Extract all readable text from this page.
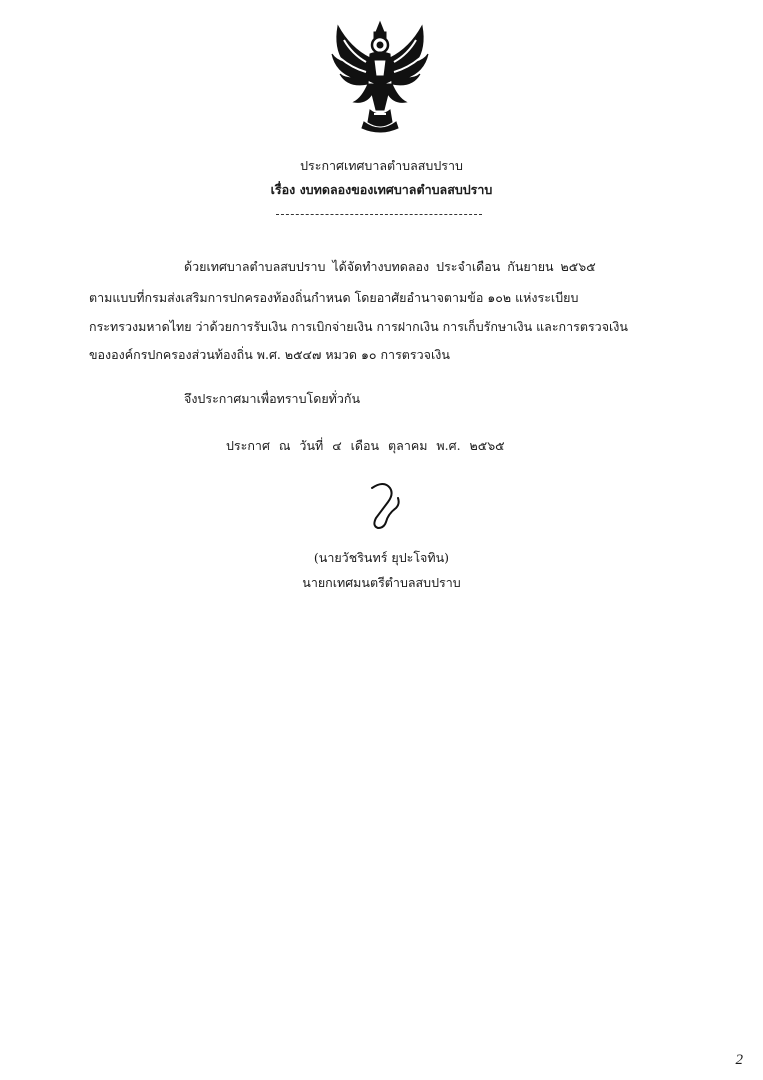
ประกาศเทศบาลตำบลสบปราบ
เรื่อง งบทดลองของเทศบาลตำบลสบปราบ
ด้วยเทศบาลตำบลสบปราบ ได้จัดทำงบทดลอง ประจำเดือน กันยายน ๒๕๖๕
ตามแบบที่กรมส่งเสริมการปกครองท้องถิ่นกำหนด โดยอาศัยอำนาจตามข้อ ๑๐๒ แห่งระเบียบ
กระทรวงมหาดไทย ว่าด้วยการรับเงิน การเบิกจ่ายเงิน การฝากเงิน การเก็บรักษาเงิน และการตรวจเงิน
ขององค์กรปกครองส่วนท้องถิ่น พ.ศ. ๒๕๔๗ หมวด ๑๐ การตรวจเงิน
จึงประกาศมาเพื่อทราบโดยทั่วกัน
ประกาศ ณ วันที่ ๔ เดือน ตุลาคม พ.ศ. ๒๕๖๕
(นายวัชรินทร์ ยุปะโจทิน)
นายกเทศมนตรีตำบลสบปราบ
2
